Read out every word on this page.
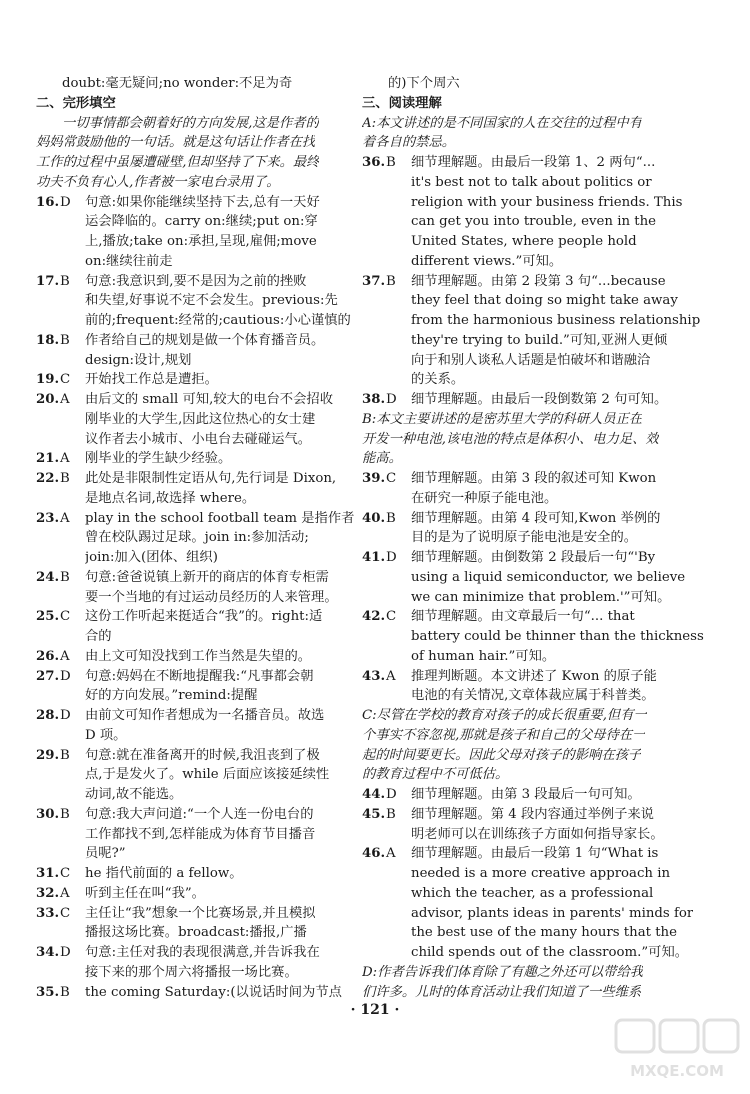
doubt:毫无疑问;no wonder:不足为奇
二、完形填空
一切事情都会朝着好的方向发展,这是作者的
妈妈常鼓励他的一句话。就是这句话让作者在找
工作的过程中虽屡遭碰壁,但却坚持了下来。最终
功夫不负有心人,作者被一家电台录用了。
16.D 句意:如果你能继续坚持下去,总有一天好
运会降临的。carry on:继续;put on:穿
上,播放;take on:承担,呈现,雇佣;move
on:继续往前走
17.B 句意:我意识到,要不是因为之前的挫败
和失望,好事说不定不会发生。previous:先
前的;frequent:经常的;cautious:小心谨慎的
18.B 作者给自己的规划是做一个体育播音员。
design:设计,规划
19.C 开始找工作总是遭拒。
20.A 由后文的 small 可知,较大的电台不会招收
刚毕业的大学生,因此这位热心的女士建
议作者去小城市、小电台去碰碰运气。
21.A 刚毕业的学生缺少经验。
22.B 此处是非限制性定语从句,先行词是 Dixon,
是地点名词,故选择 where。
23.A play in the school football team 是指作者
曾在校队踢过足球。join in:参加活动;
join:加入(团体、组织)
24.B 句意:爸爸说镇上新开的商店的体育专柜需
要一个当地的有过运动员经历的人来管理。
25.C 这份工作听起来挺适合“我”的。right:适
合的
26.A 由上文可知没找到工作当然是失望的。
27.D 句意:妈妈在不断地提醒我:“凡事都会朝
好的方向发展。”remind:提醒
28.D 由前文可知作者想成为一名播音员。故选
D 项。
29.B 句意:就在准备离开的时候,我沮丧到了极
点,于是发火了。while 后面应该接延续性
动词,故不能选。
30.B 句意:我大声问道:“一个人连一份电台的
工作都找不到,怎样能成为体育节目播音
员呢?”
31.C he 指代前面的 a fellow。
32.A 听到主任在叫“我”。
33.C 主任让“我”想象一个比赛场景,并且模拟
播报这场比赛。broadcast:播报,广播
34.D 句意:主任对我的表现很满意,并告诉我在
接下来的那个周六将播报一场比赛。
35.B the coming Saturday:(以说话时间为节点
的)下个周六
三、阅读理解
A:本文讲述的是不同国家的人在交往的过程中有
着各自的禁忌。
36.B 细节理解题。由最后一段第 1、2 两句“...
it's best not to talk about politics or
religion with your business friends. This
can get you into trouble, even in the
United States, where people hold
different views.”可知。
37.B 细节理解题。由第 2 段第 3 句“...because
they feel that doing so might take away
from the harmonious business relationship
they're trying to build.”可知,亚洲人更倾
向于和别人谈私人话题是怕破坏和谐融洽
的关系。
38.D 细节理解题。由最后一段倒数第 2 句可知。
B:本文主要讲述的是密苏里大学的科研人员正在
开发一种电池,该电池的特点是体积小、电力足、效
能高。
39.C 细节理解题。由第 3 段的叙述可知 Kwon
在研究一种原子能电池。
40.B 细节理解题。由第 4 段可知,Kwon 举例的
目的是为了说明原子能电池是安全的。
41.D 细节理解题。由倒数第 2 段最后一句“'By
using a liquid semiconductor, we believe
we can minimize that problem.'”可知。
42.C 细节理解题。由文章最后一句“... that
battery could be thinner than the thickness
of human hair.”可知。
43.A 推理判断题。本文讲述了 Kwon 的原子能
电池的有关情况,文章体裁应属于科普类。
C:尽管在学校的教育对孩子的成长很重要,但有一
个事实不容忽视,那就是孩子和自己的父母待在一
起的时间要更长。因此父母对孩子的影响在孩子
的教育过程中不可低估。
44.D 细节理解题。由第 3 段最后一句可知。
45.B 细节理解题。第 4 段内容通过举例子来说
明老师可以在训练孩子方面如何指导家长。
46.A 细节理解题。由最后一段第 1 句“What is
needed is a more creative approach in
which the teacher, as a professional
advisor, plants ideas in parents' minds for
the best use of the many hours that the
child spends out of the classroom.”可知。
D:作者告诉我们体育除了有趣之外还可以带给我
们许多。儿时的体育活动让我们知道了一些维系
· 121 ·
MXQE.COM
